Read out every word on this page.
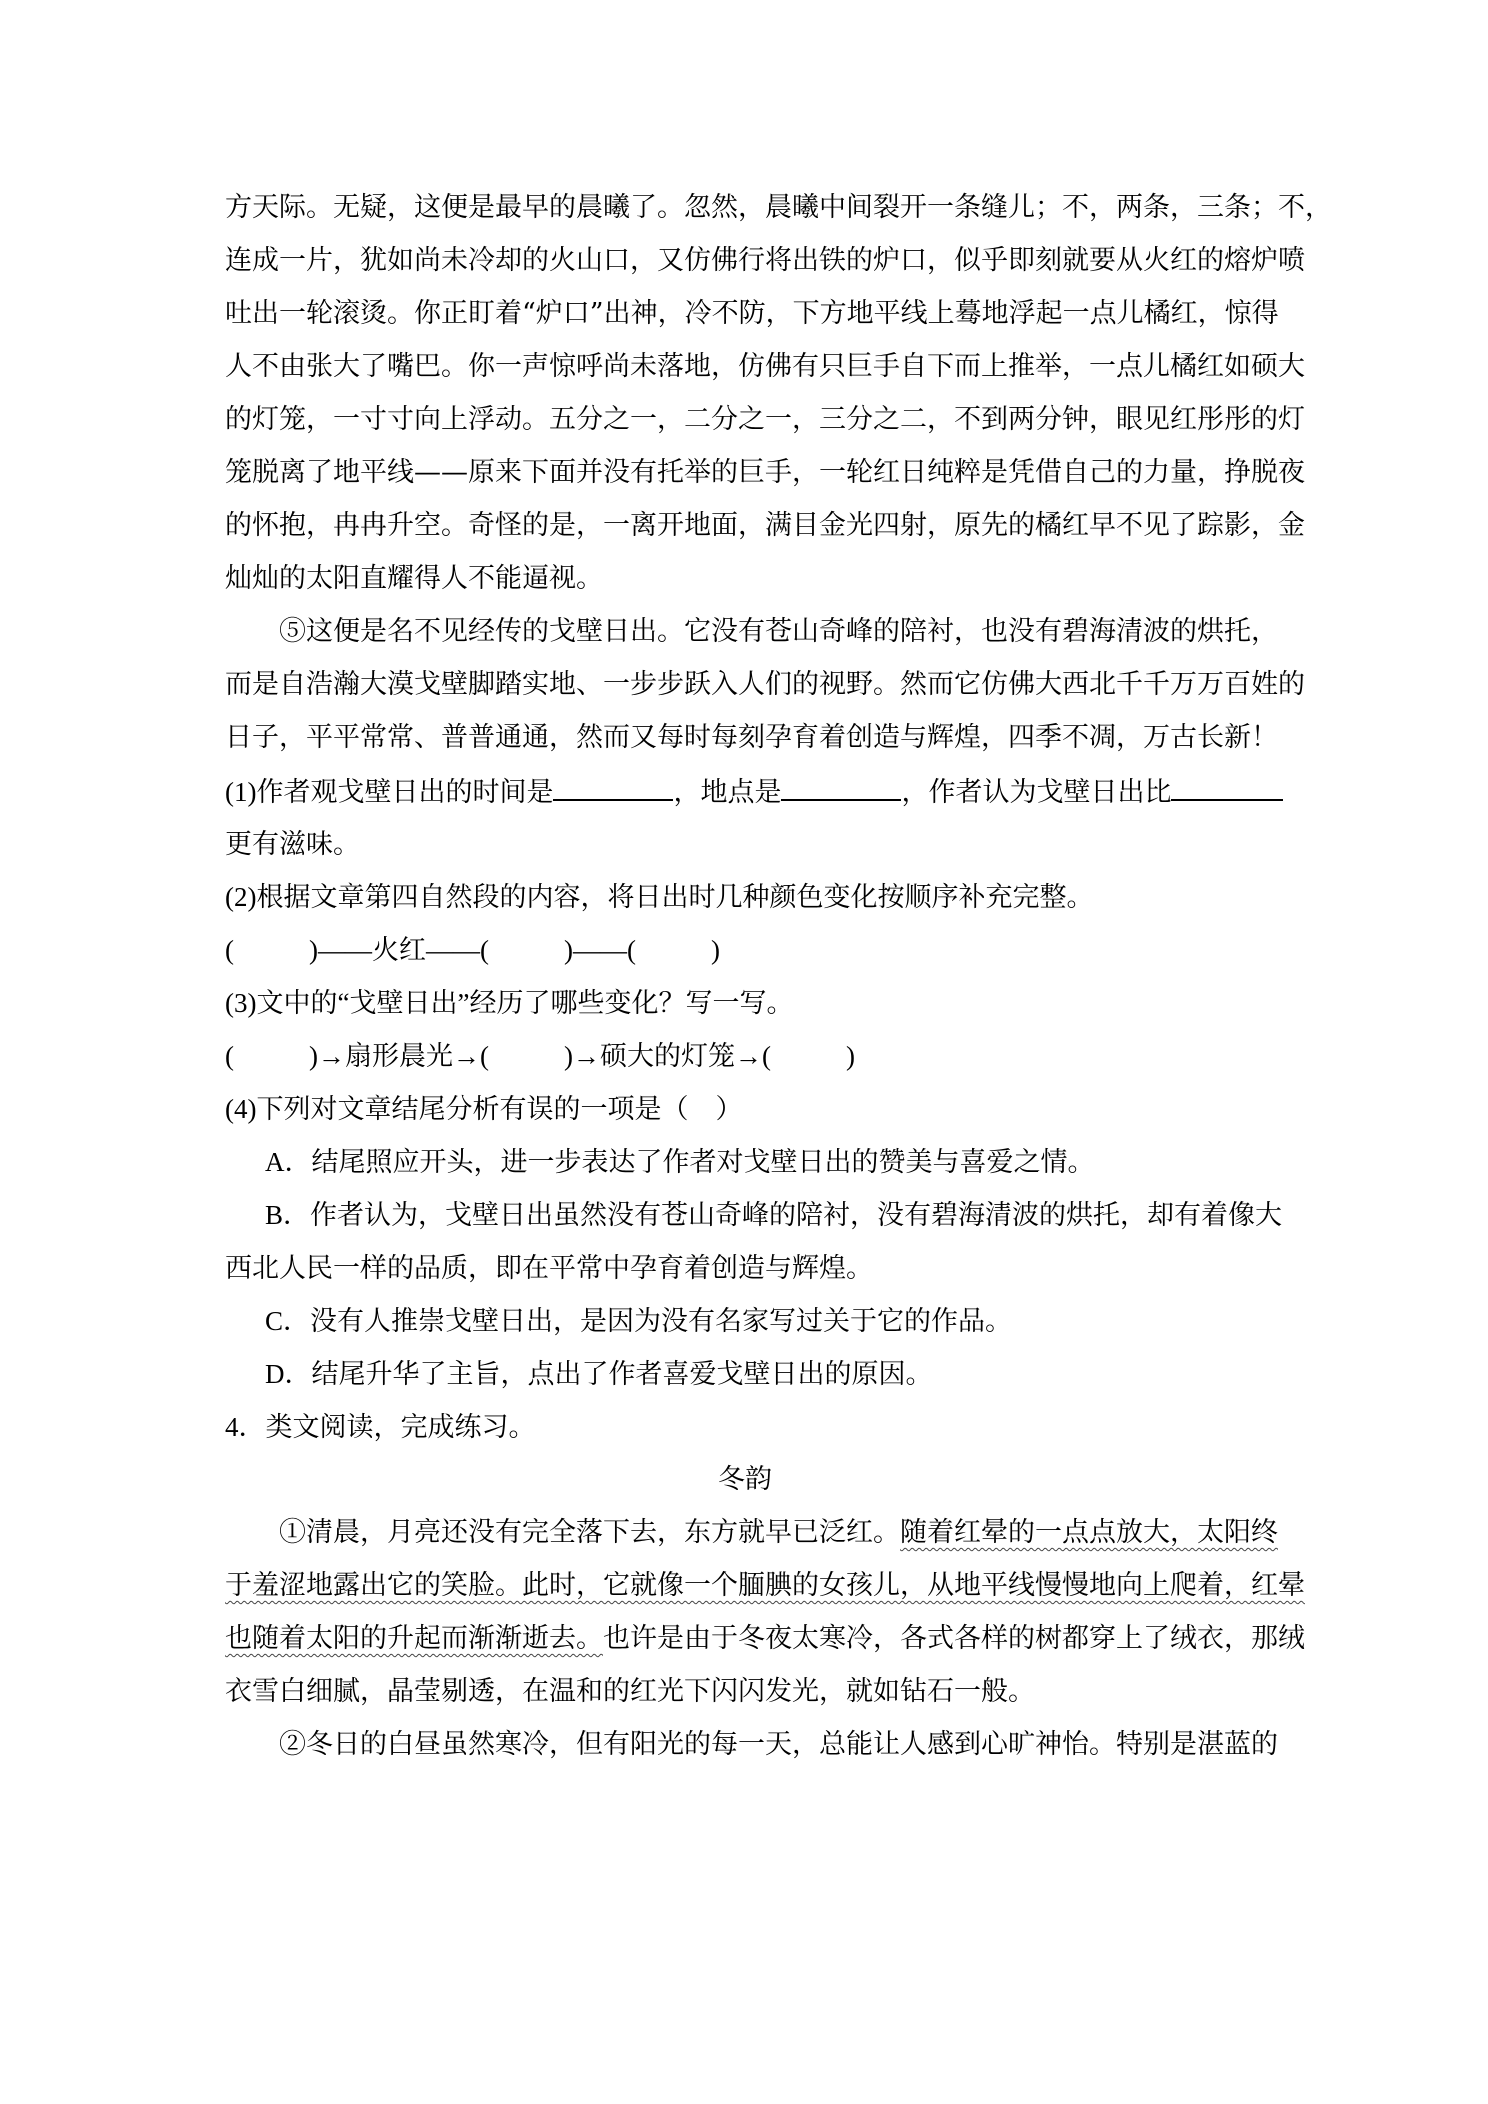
方天际。无疑，这便是最早的晨曦了。忽然，晨曦中间裂开一条缝儿；不，两条，三条；不，
连成一片，犹如尚未冷却的火山口，又仿佛行将出铁的炉口，似乎即刻就要从火红的熔炉喷
吐出一轮滚烫。你正盯着“炉口”出神，冷不防，下方地平线上蓦地浮起一点儿橘红，惊得
人不由张大了嘴巴。你一声惊呼尚未落地，仿佛有只巨手自下而上推举，一点儿橘红如硕大
的灯笼，一寸寸向上浮动。五分之一，二分之一，三分之二，不到两分钟，眼见红彤彤的灯
笼脱离了地平线——原来下面并没有托举的巨手，一轮红日纯粹是凭借自己的力量，挣脱夜
的怀抱，冉冉升空。奇怪的是，一离开地面，满目金光四射，原先的橘红早不见了踪影，金
灿灿的太阳直耀得人不能逼视。
⑤这便是名不见经传的戈壁日出。它没有苍山奇峰的陪衬，也没有碧海清波的烘托，
而是自浩瀚大漠戈壁脚踏实地、一步步跃入人们的视野。然而它仿佛大西北千千万万百姓的
日子，平平常常、普普通通，然而又每时每刻孕育着创造与辉煌，四季不凋，万古长新！
(1)作者观戈壁日出的时间是	，地点是	，作者认为戈壁日出比
更有滋味。
(2)根据文章第四自然段的内容，将日出时几种颜色变化按顺序补充完整。
(	)——火红——(	)——(	)
(3)文中的“戈壁日出”经历了哪些变化？写一写。
(	)→扇形晨光→(	)→硕大的灯笼→(	)
(4)下列对文章结尾分析有误的一项是（　）
A．结尾照应开头，进一步表达了作者对戈壁日出的赞美与喜爱之情。
B．作者认为，戈壁日出虽然没有苍山奇峰的陪衬，没有碧海清波的烘托，却有着像大
西北人民一样的品质，即在平常中孕育着创造与辉煌。
C．没有人推崇戈壁日出，是因为没有名家写过关于它的作品。
D．结尾升华了主旨，点出了作者喜爱戈壁日出的原因。
4．类文阅读，完成练习。
冬韵
①清晨，月亮还没有完全落下去，东方就早已泛红。随着红晕的一点点放大，太阳终
于羞涩地露出它的笑脸。此时，它就像一个腼腆的女孩儿，从地平线慢慢地向上爬着，红晕
也随着太阳的升起而渐渐逝去。也许是由于冬夜太寒冷，各式各样的树都穿上了绒衣，那绒
衣雪白细腻，晶莹剔透，在温和的红光下闪闪发光，就如钻石一般。
②冬日的白昼虽然寒冷，但有阳光的每一天，总能让人感到心旷神怡。特别是湛蓝的
